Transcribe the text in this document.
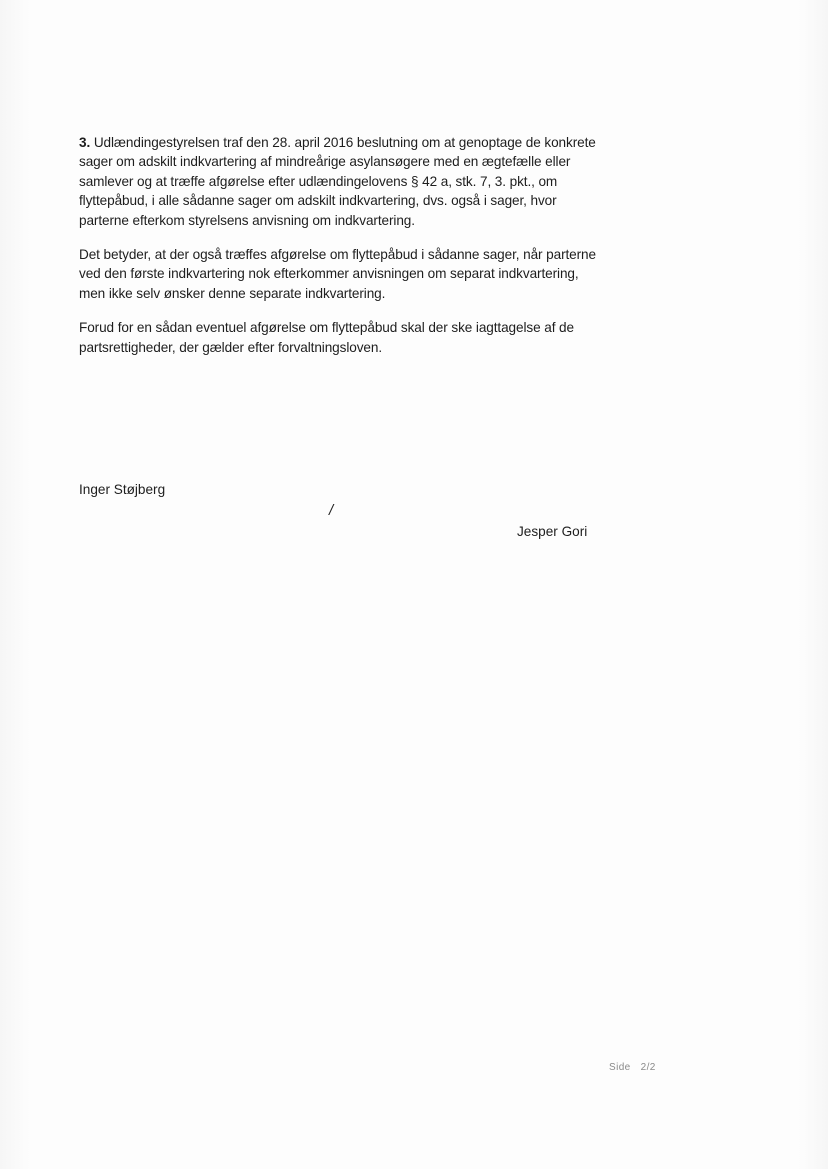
3. Udlændingestyrelsen traf den 28. april 2016 beslutning om at genoptage de konkrete sager om adskilt indkvartering af mindreårige asylansøgere med en ægtefælle eller samlever og at træffe afgørelse efter udlændingelovens § 42 a, stk. 7, 3. pkt., om flyttepåbud, i alle sådanne sager om adskilt indkvartering, dvs. også i sager, hvor parterne efterkom styrelsens anvisning om indkvartering.

Det betyder, at der også træffes afgørelse om flyttepåbud i sådanne sager, når parterne ved den første indkvartering nok efterkommer anvisningen om separat indkvartering, men ikke selv ønsker denne separate indkvartering.

Forud for en sådan eventuel afgørelse om flyttepåbud skal der ske iagttagelse af de partsrettigheder, der gælder efter forvaltningsloven.

Inger Støjberg
/
Jesper Gori
Side 2/2
